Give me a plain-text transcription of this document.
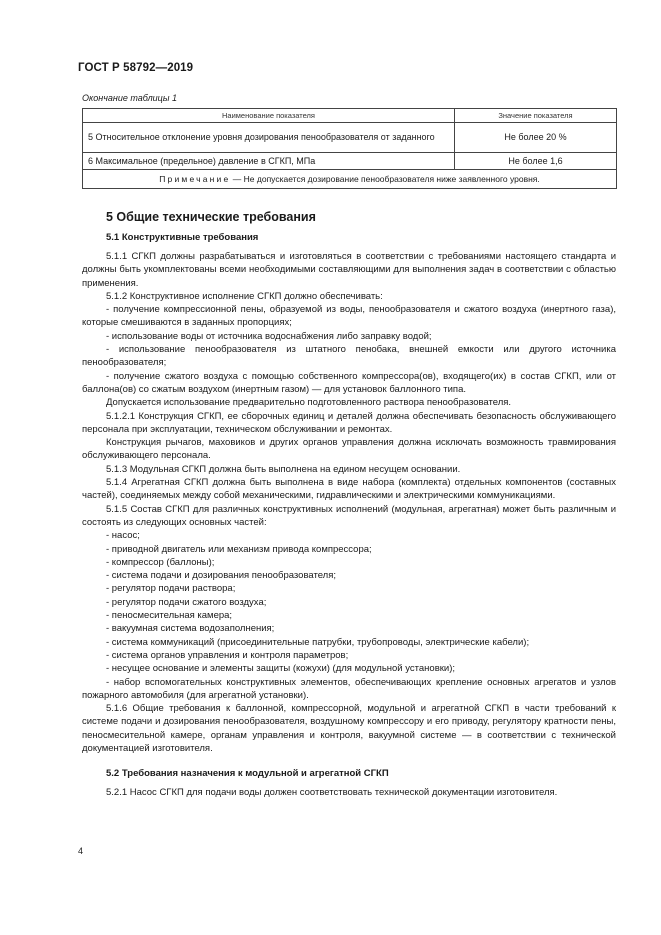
ГОСТ Р 58792—2019
Окончание таблицы 1
Наименование показателя	Значение показателя
5 Относительное отклонение уровня дозирования пенообразователя от заданного	Не более 20 %
6 Максимальное (предельное) давление в СГКП, МПа	Не более 1,6
Примечание — Не допускается дозирование пенообразователя ниже заявленного уровня.	
5 Общие технические требования
5.1 Конструктивные требования

5.1.1 СГКП должны разрабатываться и изготовляться в соответствии с требованиями настоящего стандарта и должны быть укомплектованы всеми необходимыми составляющими для выполнения задач в соответствии с областью применения.

5.1.2 Конструктивное исполнение СГКП должно обеспечивать:

- получение компрессионной пены, образуемой из воды, пенообразователя и сжатого воздуха (инертного газа), которые смешиваются в заданных пропорциях;

- использование воды от источника водоснабжения либо заправку водой;

- использование пенообразователя из штатного пенобака, внешней емкости или другого источника пенообразователя;

- получение сжатого воздуха с помощью собственного компрессора(ов), входящего(их) в состав СГКП, или от баллона(ов) со сжатым воздухом (инертным газом) — для установок баллонного типа.

Допускается использование предварительно подготовленного раствора пенообразователя.

5.1.2.1 Конструкция СГКП, ее сборочных единиц и деталей должна обеспечивать безопасность обслуживающего персонала при эксплуатации, техническом обслуживании и ремонтах.

Конструкция рычагов, маховиков и других органов управления должна исключать возможность травмирования обслуживающего персонала.

5.1.3 Модульная СГКП должна быть выполнена на едином несущем основании.

5.1.4 Агрегатная СГКП должна быть выполнена в виде набора (комплекта) отдельных компонентов (составных частей), соединяемых между собой механическими, гидравлическими и электрическими коммуникациями.

5.1.5 Состав СГКП для различных конструктивных исполнений (модульная, агрегатная) может быть различным и состоять из следующих основных частей:

- насос;

- приводной двигатель или механизм привода компрессора;

- компрессор (баллоны);

- система подачи и дозирования пенообразователя;

- регулятор подачи раствора;

- регулятор подачи сжатого воздуха;

- пеносмесительная камера;

- вакуумная система водозаполнения;

- система коммуникаций (присоединительные патрубки, трубопроводы, электрические кабели);

- система органов управления и контроля параметров;

- несущее основание и элементы защиты (кожухи) (для модульной установки);

- набор вспомогательных конструктивных элементов, обеспечивающих крепление основных агрегатов и узлов пожарного автомобиля (для агрегатной установки).

5.1.6 Общие требования к баллонной, компрессорной, модульной и агрегатной СГКП в части требований к системе подачи и дозирования пенообразователя, воздушному компрессору и его приводу, регулятору кратности пены, пеносмесительной камере, органам управления и контроля, вакуумной системе — в соответствии с технической документацией изготовителя.

5.2 Требования назначения к модульной и агрегатной СГКП

5.2.1 Насос СГКП для подачи воды должен соответствовать технической документации изготовителя.

4
